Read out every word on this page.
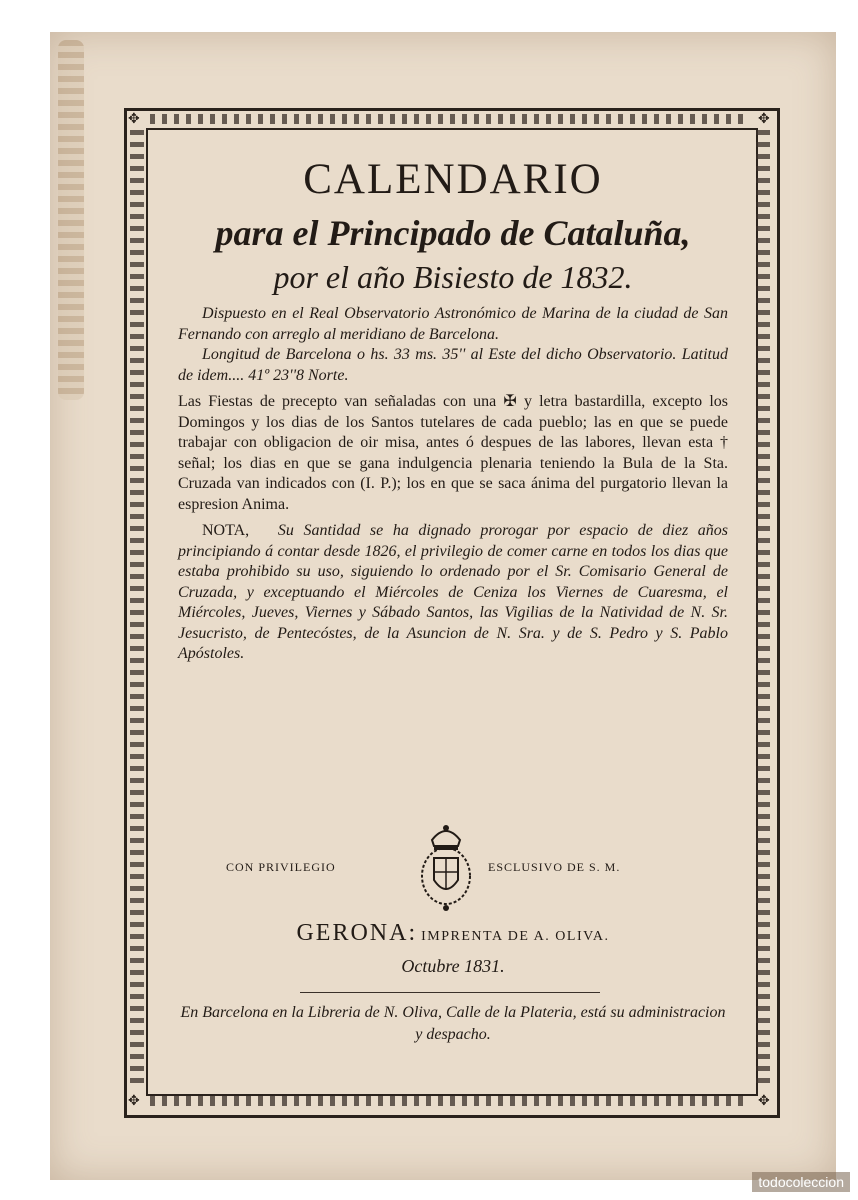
✥	✥
✥	✥

CALENDARIO

para el Principado de Cataluña,

por el año Bisiesto de 1832.

Dispuesto en el Real Observatorio Astronómico de Marina de la ciudad de San Fernando con arreglo al meridiano de Barcelona.

Longitud de Barcelona o hs. 33 ms. 35'' al Este del dicho Observatorio. Latitud de idem.... 41º 23''8 Norte.

Las Fiestas de precepto van señaladas con una ✠ y letra bastardilla, excepto los Domingos y los dias de los Santos tutelares de cada pueblo; las en que se puede trabajar con obligacion de oir misa, antes ó despues de las labores, llevan esta † señal; los dias en que se gana indulgencia plenaria teniendo la Bula de la Sta. Cruzada van indicados con (I. P.); los en que se saca ánima del purgatorio llevan la espresion Anima.

NOTA, Su Santidad se ha dignado prorogar por espacio de diez años principiando á contar desde 1826, el privilegio de comer carne en todos los dias que estaba prohibido su uso, siguiendo lo ordenado por el Sr. Comisario General de Cruzada, y exceptuando el Miércoles de Ceniza los Viernes de Cuaresma, el Miércoles, Jueves, Viernes y Sábado Santos, las Vigilias de la Natividad de N. Sr. Jesucristo, de Pentecóstes, de la Asuncion de N. Sra. y de S. Pedro y S. Pablo Apóstoles.

CON PRIVILEGIO	ESCLUSIVO DE S. M.
GERONA: IMPRENTA DE A. OLIVA.
Octubre 1831.
En Barcelona en la Libreria de N. Oliva, Calle de la Plateria, está su administracion y despacho.
todocoleccion
